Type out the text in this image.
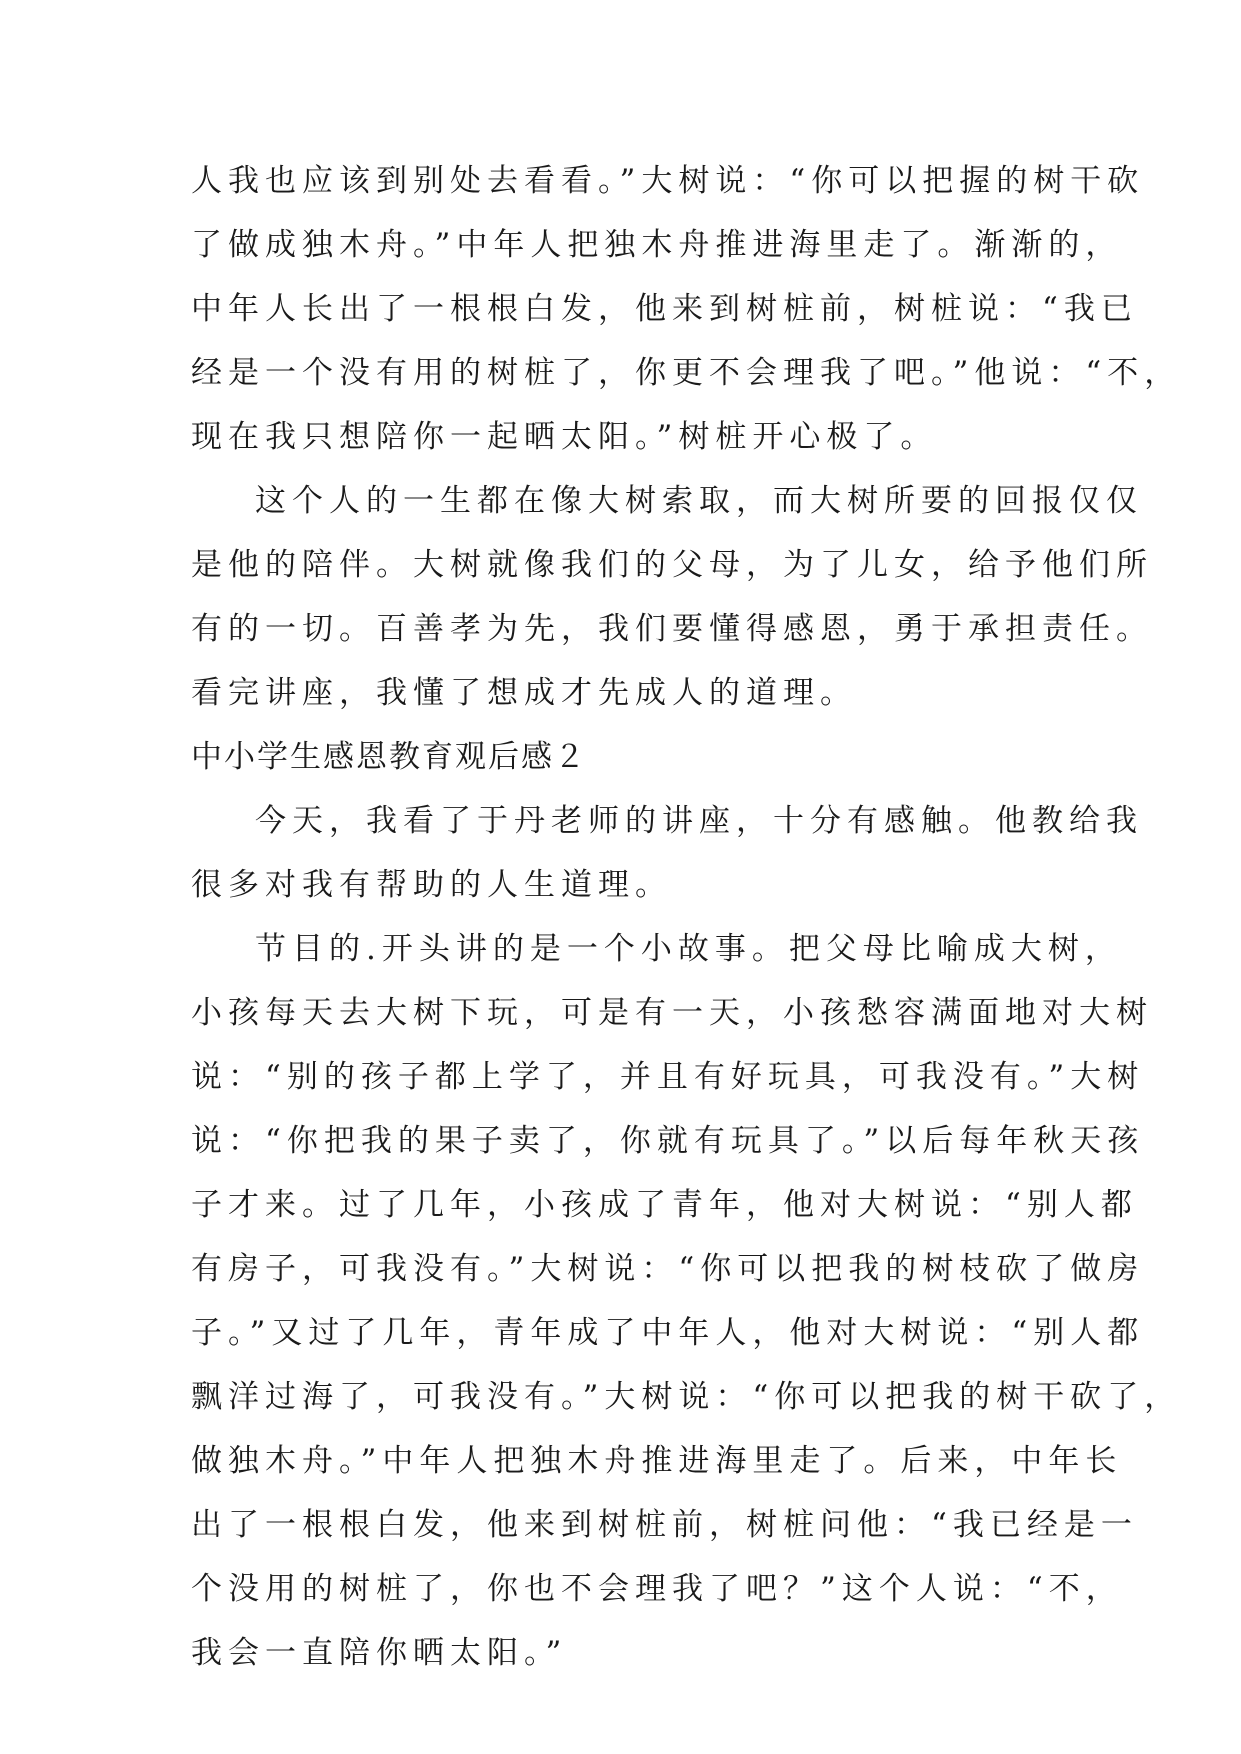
人我也应该到别处去看看。”大树说：“你可以把握的树干砍
了做成独木舟。”中年人把独木舟推进海里走了。渐渐的，
中年人长出了一根根白发，他来到树桩前，树桩说：“我已
经是一个没有用的树桩了，你更不会理我了吧。”他说：“不，
现在我只想陪你一起晒太阳。”树桩开心极了。
这个人的一生都在像大树索取，而大树所要的回报仅仅
是他的陪伴。大树就像我们的父母，为了儿女，给予他们所
有的一切。百善孝为先，我们要懂得感恩，勇于承担责任。
看完讲座，我懂了想成才先成人的道理。
中小学生感恩教育观后感２
今天，我看了于丹老师的讲座，十分有感触。他教给我
很多对我有帮助的人生道理。
节目的.开头讲的是一个小故事。把父母比喻成大树，
小孩每天去大树下玩，可是有一天，小孩愁容满面地对大树
说：“别的孩子都上学了，并且有好玩具，可我没有。”大树
说：“你把我的果子卖了，你就有玩具了。”以后每年秋天孩
子才来。过了几年，小孩成了青年，他对大树说：“别人都
有房子，可我没有。”大树说：“你可以把我的树枝砍了做房
子。”又过了几年，青年成了中年人，他对大树说：“别人都
飘洋过海了，可我没有。”大树说：“你可以把我的树干砍了，
做独木舟。”中年人把独木舟推进海里走了。后来，中年长
出了一根根白发，他来到树桩前，树桩问他：“我已经是一
个没用的树桩了，你也不会理我了吧？”这个人说：“不，
我会一直陪你晒太阳。”
